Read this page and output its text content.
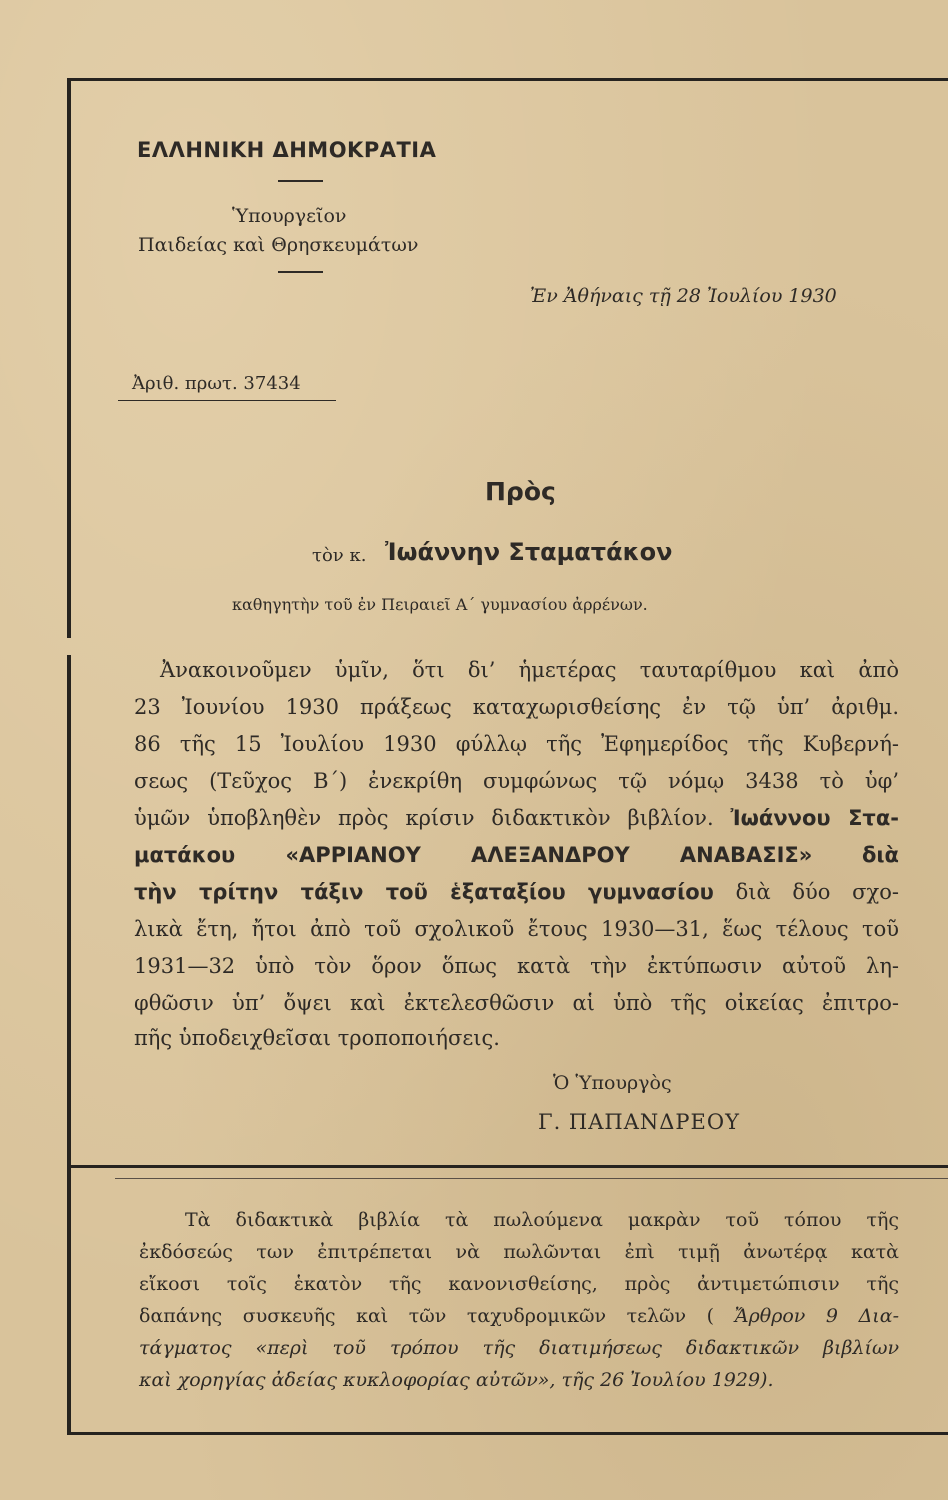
ΕΛΛΗΝΙΚΗ ΔΗΜΟΚΡΑΤΙΑ
Ὑπουργεῖον
Παιδείας καὶ Θρησκευμάτων
Ἐν Ἀθήναις τῇ 28 Ἰουλίου 1930
Ἀριθ. πρωτ. 37434
Πρὸς
τὸν κ. Ἰωάννην Σταματάκον
καθηγητὴν τοῦ ἐν Πειραιεῖ Α΄ γυμνασίου ἀρρένων.
Ἀνακοινοῦμεν ὑμῖν, ὅτι δι’ ἡμετέρας ταυταρίθμου καὶ ἀπὸ
23 Ἰουνίου 1930 πράξεως καταχωρισθείσης ἐν τῷ ὑπ’ ἀριθμ.
86 τῆς 15 Ἰουλίου 1930 φύλλῳ τῆς Ἐφημερίδος τῆς Κυβερνή-
σεως (Τεῦχος Β΄) ἐνεκρίθη συμφώνως τῷ νόμῳ 3438 τὸ ὑφ’
ὑμῶν ὑποβληθὲν πρὸς κρίσιν διδακτικὸν βιβλίον. Ἰωάννου Στα-
ματάκου «ΑΡΡΙΑΝΟΥ ΑΛΕΞΑΝΔΡΟΥ ΑΝΑΒΑΣΙΣ» διὰ
τὴν τρίτην τάξιν τοῦ ἑξαταξίου γυμνασίου διὰ δύο σχο-
λικὰ ἔτη, ἤτοι ἀπὸ τοῦ σχολικοῦ ἔτους 1930—31, ἕως τέλους τοῦ
1931—32 ὑπὸ τὸν ὅρον ὅπως κατὰ τὴν ἐκτύπωσιν αὐτοῦ λη-
φθῶσιν ὑπ’ ὄψει καὶ ἐκτελεσθῶσιν αἱ ὑπὸ τῆς οἰκείας ἐπιτρο-
πῆς ὑποδειχθεῖσαι τροποποιήσεις.
Ὁ Ὑπουργὸς
Γ. ΠΑΠΑΝΔΡΕΟΥ
Τὰ διδακτικὰ βιβλία τὰ πωλούμενα μακρὰν τοῦ τόπου τῆς
ἐκδόσεώς των ἐπιτρέπεται νὰ πωλῶνται ἐπὶ τιμῇ ἀνωτέρᾳ κατὰ
εἴκοσι τοῖς ἑκατὸν τῆς κανονισθείσης, πρὸς ἀντιμετώπισιν τῆς
δαπάνης συσκευῆς καὶ τῶν ταχυδρομικῶν τελῶν ( Ἄρθρον 9 Δια-
τάγματος «περὶ τοῦ τρόπου τῆς διατιμήσεως διδακτικῶν βιβλίων
καὶ χορηγίας ἀδείας κυκλοφορίας αὐτῶν», τῆς 26 Ἰουλίου 1929).
